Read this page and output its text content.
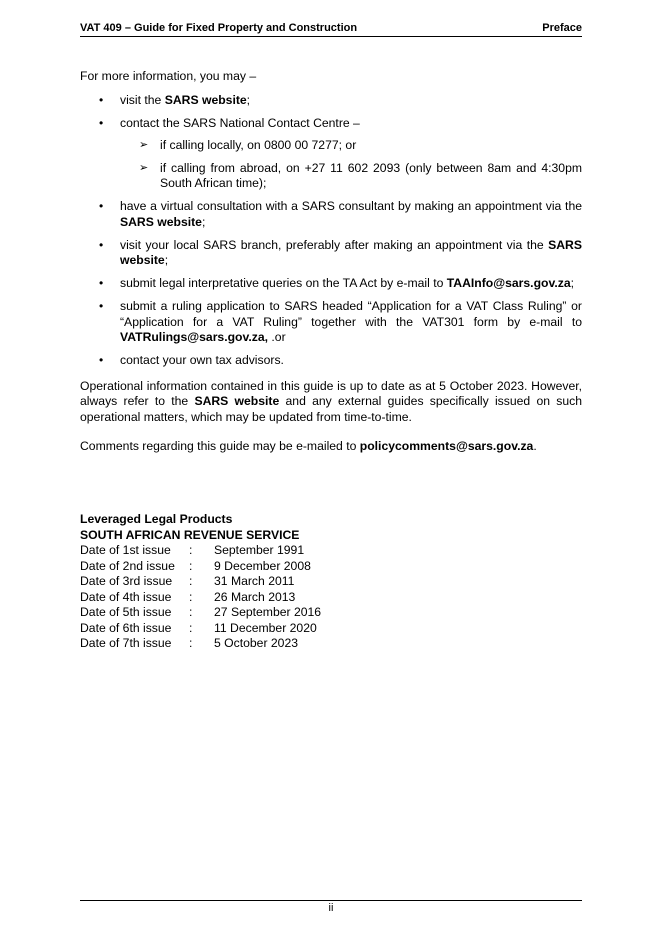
VAT 409 – Guide for Fixed Property and Construction	Preface

For more information, you may –

• visit the SARS website;
• contact the SARS National Contact Centre –
➢ if calling locally, on 0800 00 7277; or
➢ if calling from abroad, on +27 11 602 2093 (only between 8am and 4:30pm South African time);
• have a virtual consultation with a SARS consultant by making an appointment via the SARS website;
• visit your local SARS branch, preferably after making an appointment via the SARS website;
• submit legal interpretative queries on the TA Act by e-mail to TAAInfo@sars.gov.za;
• submit a ruling application to SARS headed “Application for a VAT Class Ruling” or “Application for a VAT Ruling” together with the VAT301 form by e-mail to VATRulings@sars.gov.za, .or
• contact your own tax advisors.

Operational information contained in this guide is up to date as at 5 October 2023. However, always refer to the SARS website and any external guides specifically issued on such operational matters, which may be updated from time-to-time.

Comments regarding this guide may be e-mailed to policycomments@sars.gov.za.

Leveraged Legal Products
SOUTH AFRICAN REVENUE SERVICE
Date of 1st issue : September 1991
Date of 2nd issue : 9 December 2008
Date of 3rd issue : 31 March 2011
Date of 4th issue : 26 March 2013
Date of 5th issue : 27 September 2016
Date of 6th issue : 11 December 2020
Date of 7th issue : 5 October 2023
ii
